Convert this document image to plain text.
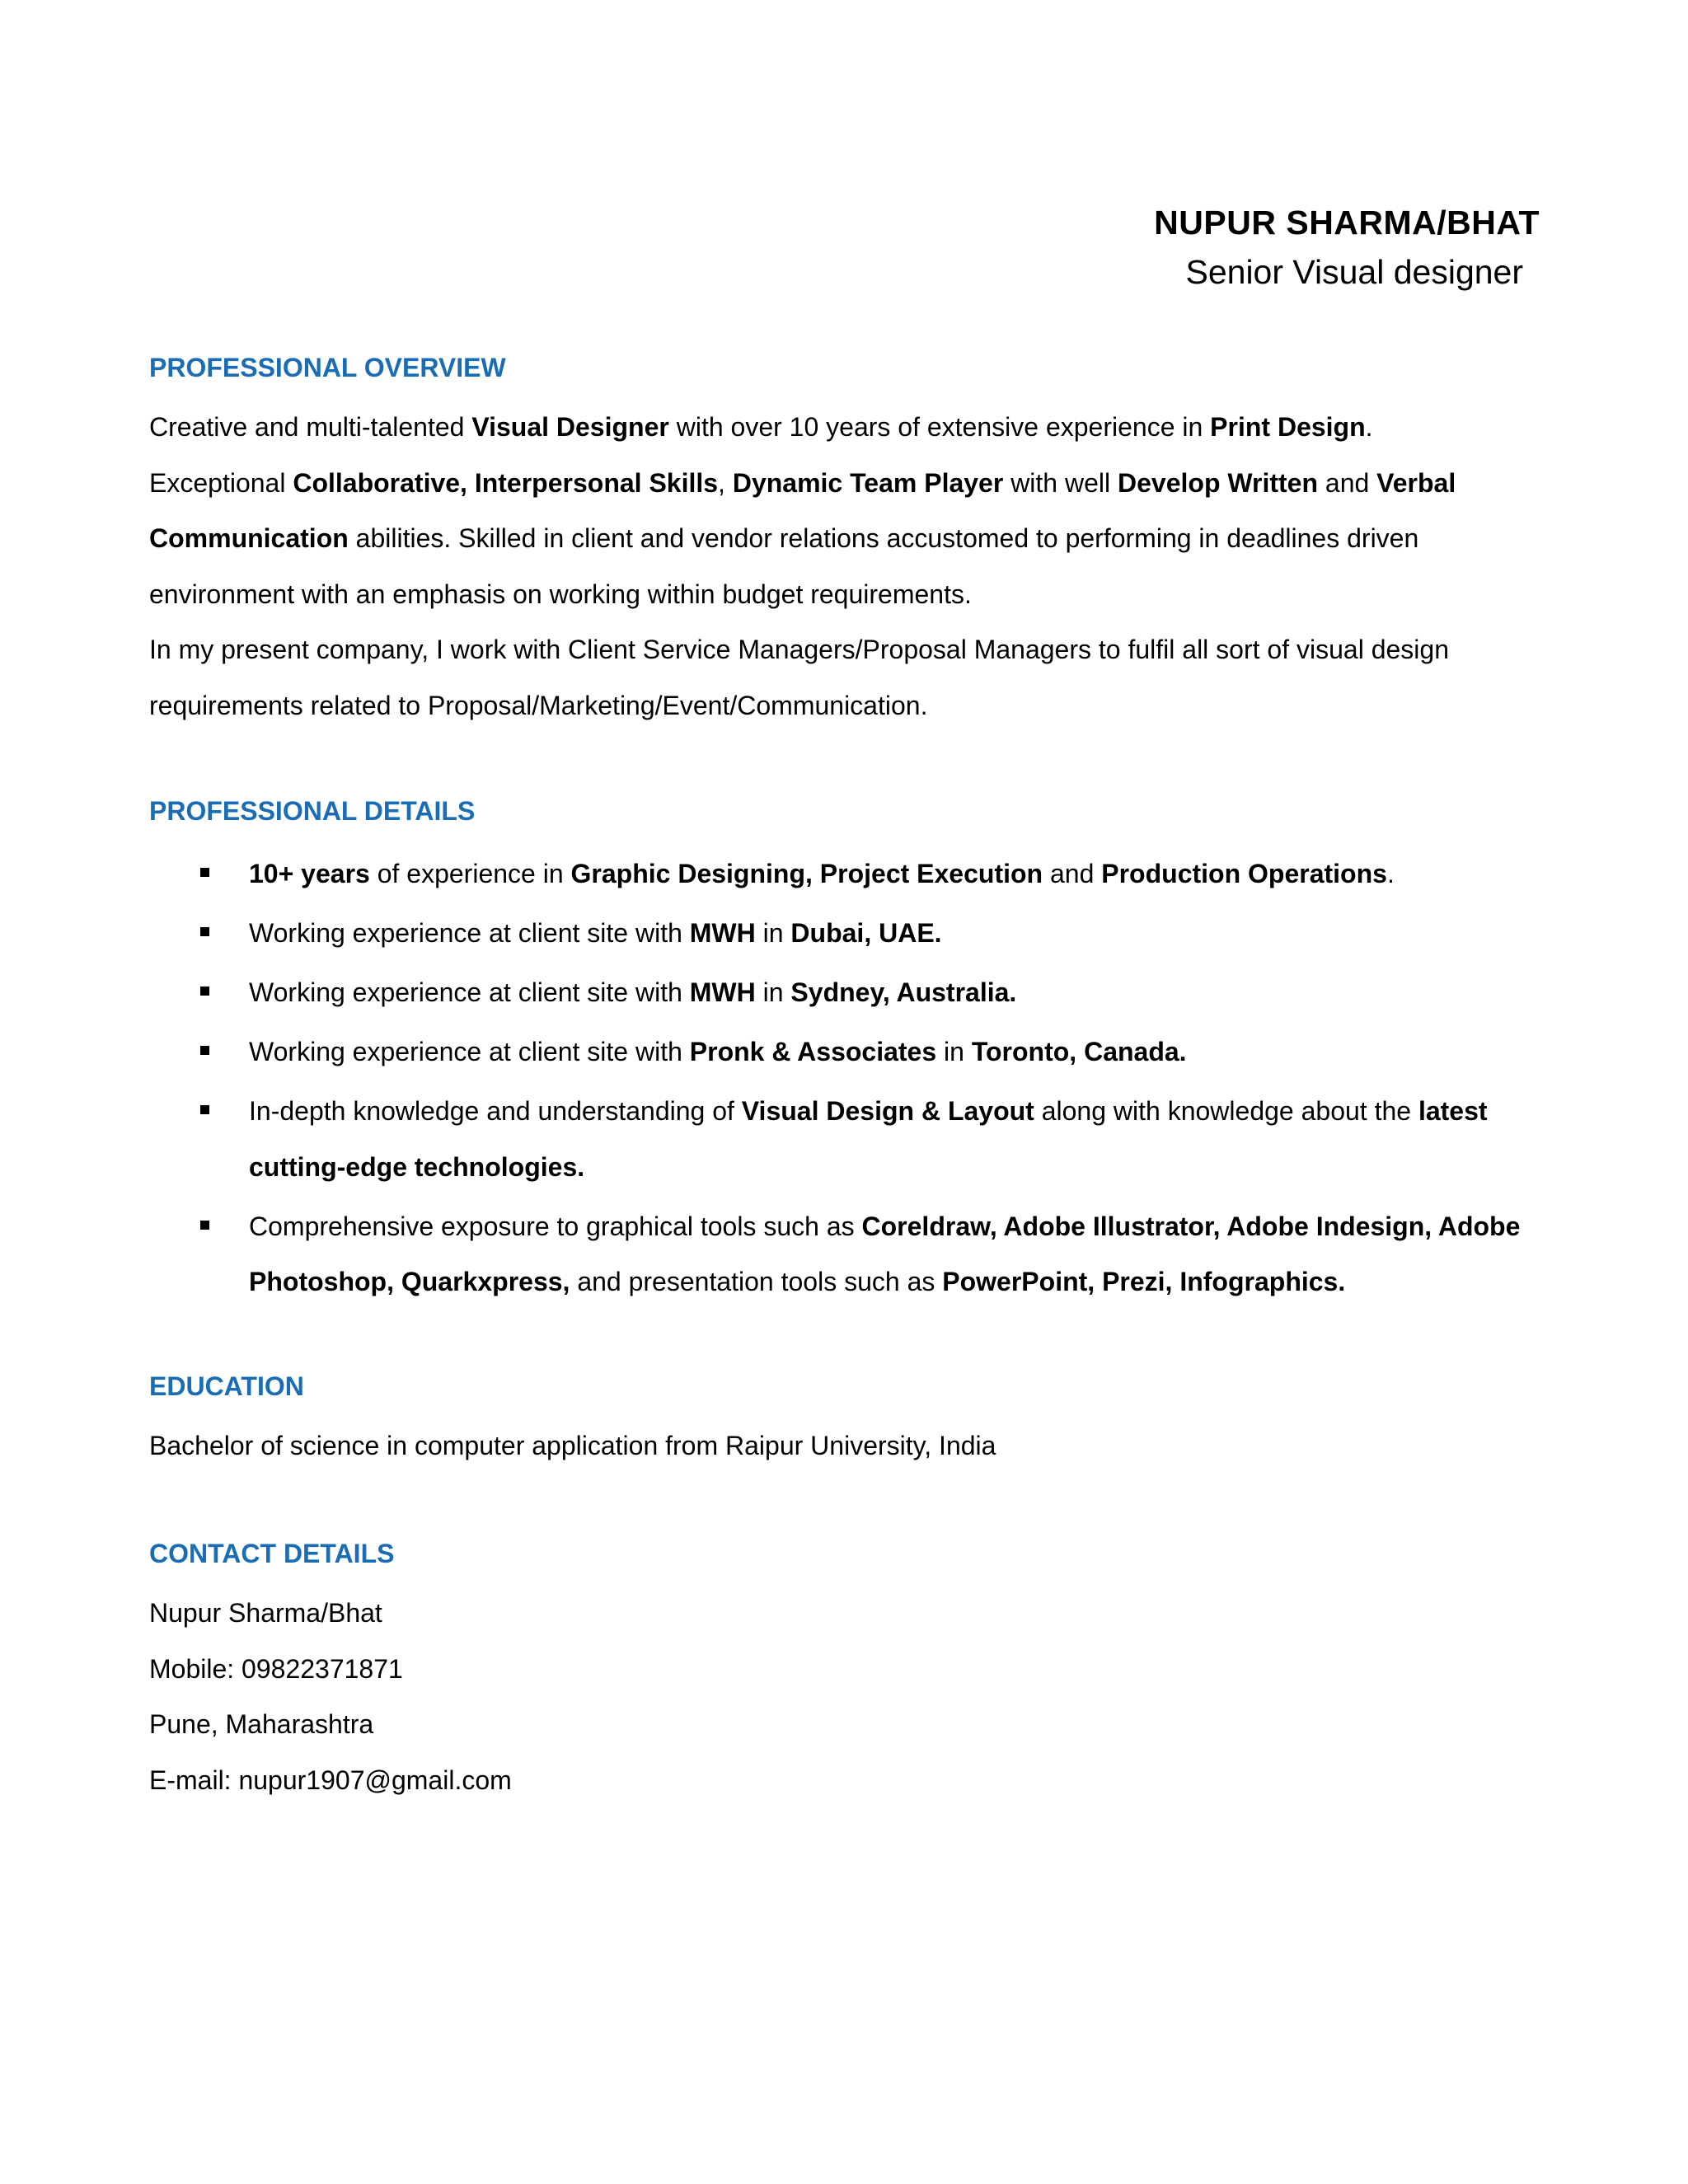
NUPUR SHARMA/BHAT
Senior Visual designer
PROFESSIONAL OVERVIEW
Creative and multi-talented Visual Designer with over 10 years of extensive experience in Print Design.
Exceptional Collaborative, Interpersonal Skills, Dynamic Team Player with well Develop Written and Verbal Communication abilities. Skilled in client and vendor relations accustomed to performing in deadlines driven environment with an emphasis on working within budget requirements.
In my present company, I work with Client Service Managers/Proposal Managers to fulfil all sort of visual design requirements related to Proposal/Marketing/Event/Communication.
PROFESSIONAL DETAILS
10+ years of experience in Graphic Designing, Project Execution and Production Operations.
Working experience at client site with MWH in Dubai, UAE.
Working experience at client site with MWH in Sydney, Australia.
Working experience at client site with Pronk & Associates in Toronto, Canada.
In-depth knowledge and understanding of Visual Design & Layout along with knowledge about the latest cutting-edge technologies.
Comprehensive exposure to graphical tools such as Coreldraw, Adobe Illustrator, Adobe Indesign, Adobe Photoshop, Quarkxpress, and presentation tools such as PowerPoint, Prezi, Infographics.
EDUCATION
Bachelor of science in computer application from Raipur University, India
CONTACT DETAILS
Nupur Sharma/Bhat
Mobile: 09822371871
Pune, Maharashtra
E-mail: nupur1907@gmail.com
